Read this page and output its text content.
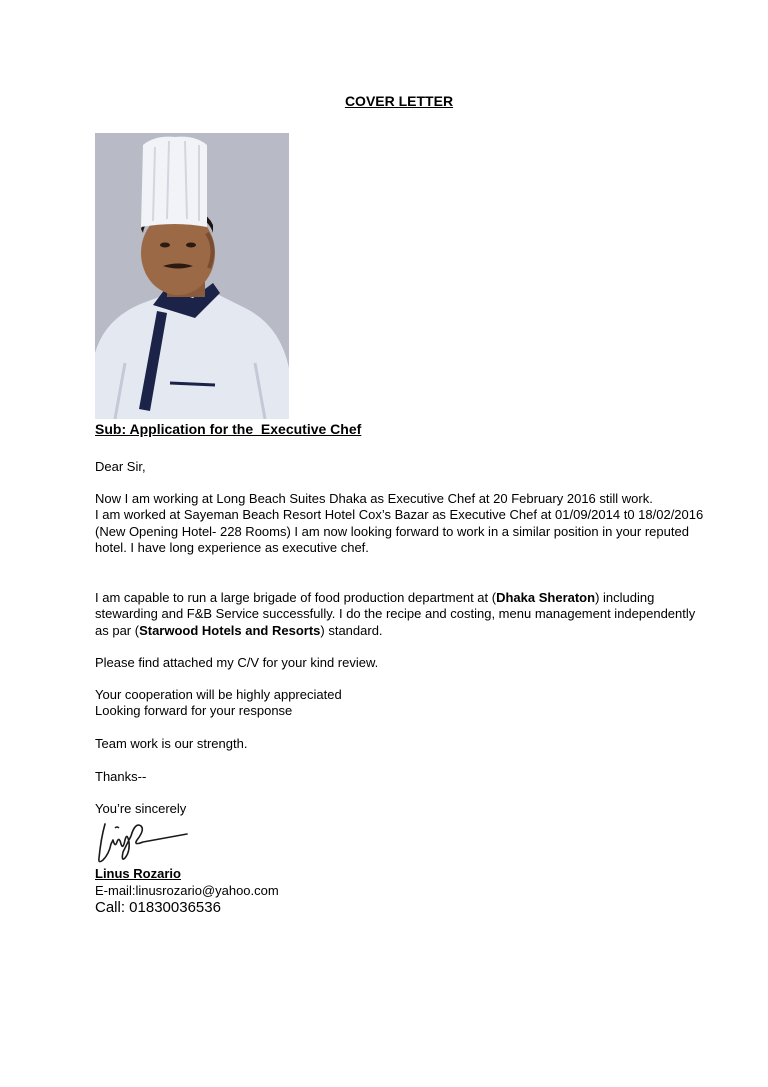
COVER LETTER
Sub: Application for the  Executive Chef
Dear Sir,
Now I am working at Long Beach Suites Dhaka as Executive Chef at 20 February 2016 still work.
I am worked at Sayeman Beach Resort Hotel Cox’s Bazar as Executive Chef at 01/09/2014 t0 18/02/2016 (New Opening Hotel- 228 Rooms) I am now looking forward to work in a similar position in your reputed hotel. I have long experience as executive chef.
I am capable to run a large brigade of food production department at (Dhaka Sheraton) including stewarding and F&B Service successfully. I do the recipe and costing, menu management independently as par (Starwood Hotels and Resorts) standard.
Please find attached my C/V for your kind review.
Your cooperation will be highly appreciated
Looking forward for your response
Team work is our strength.
Thanks--
You’re sincerely
Linus Rozario
E-mail:linusrozario@yahoo.com
Call: 01830036536
